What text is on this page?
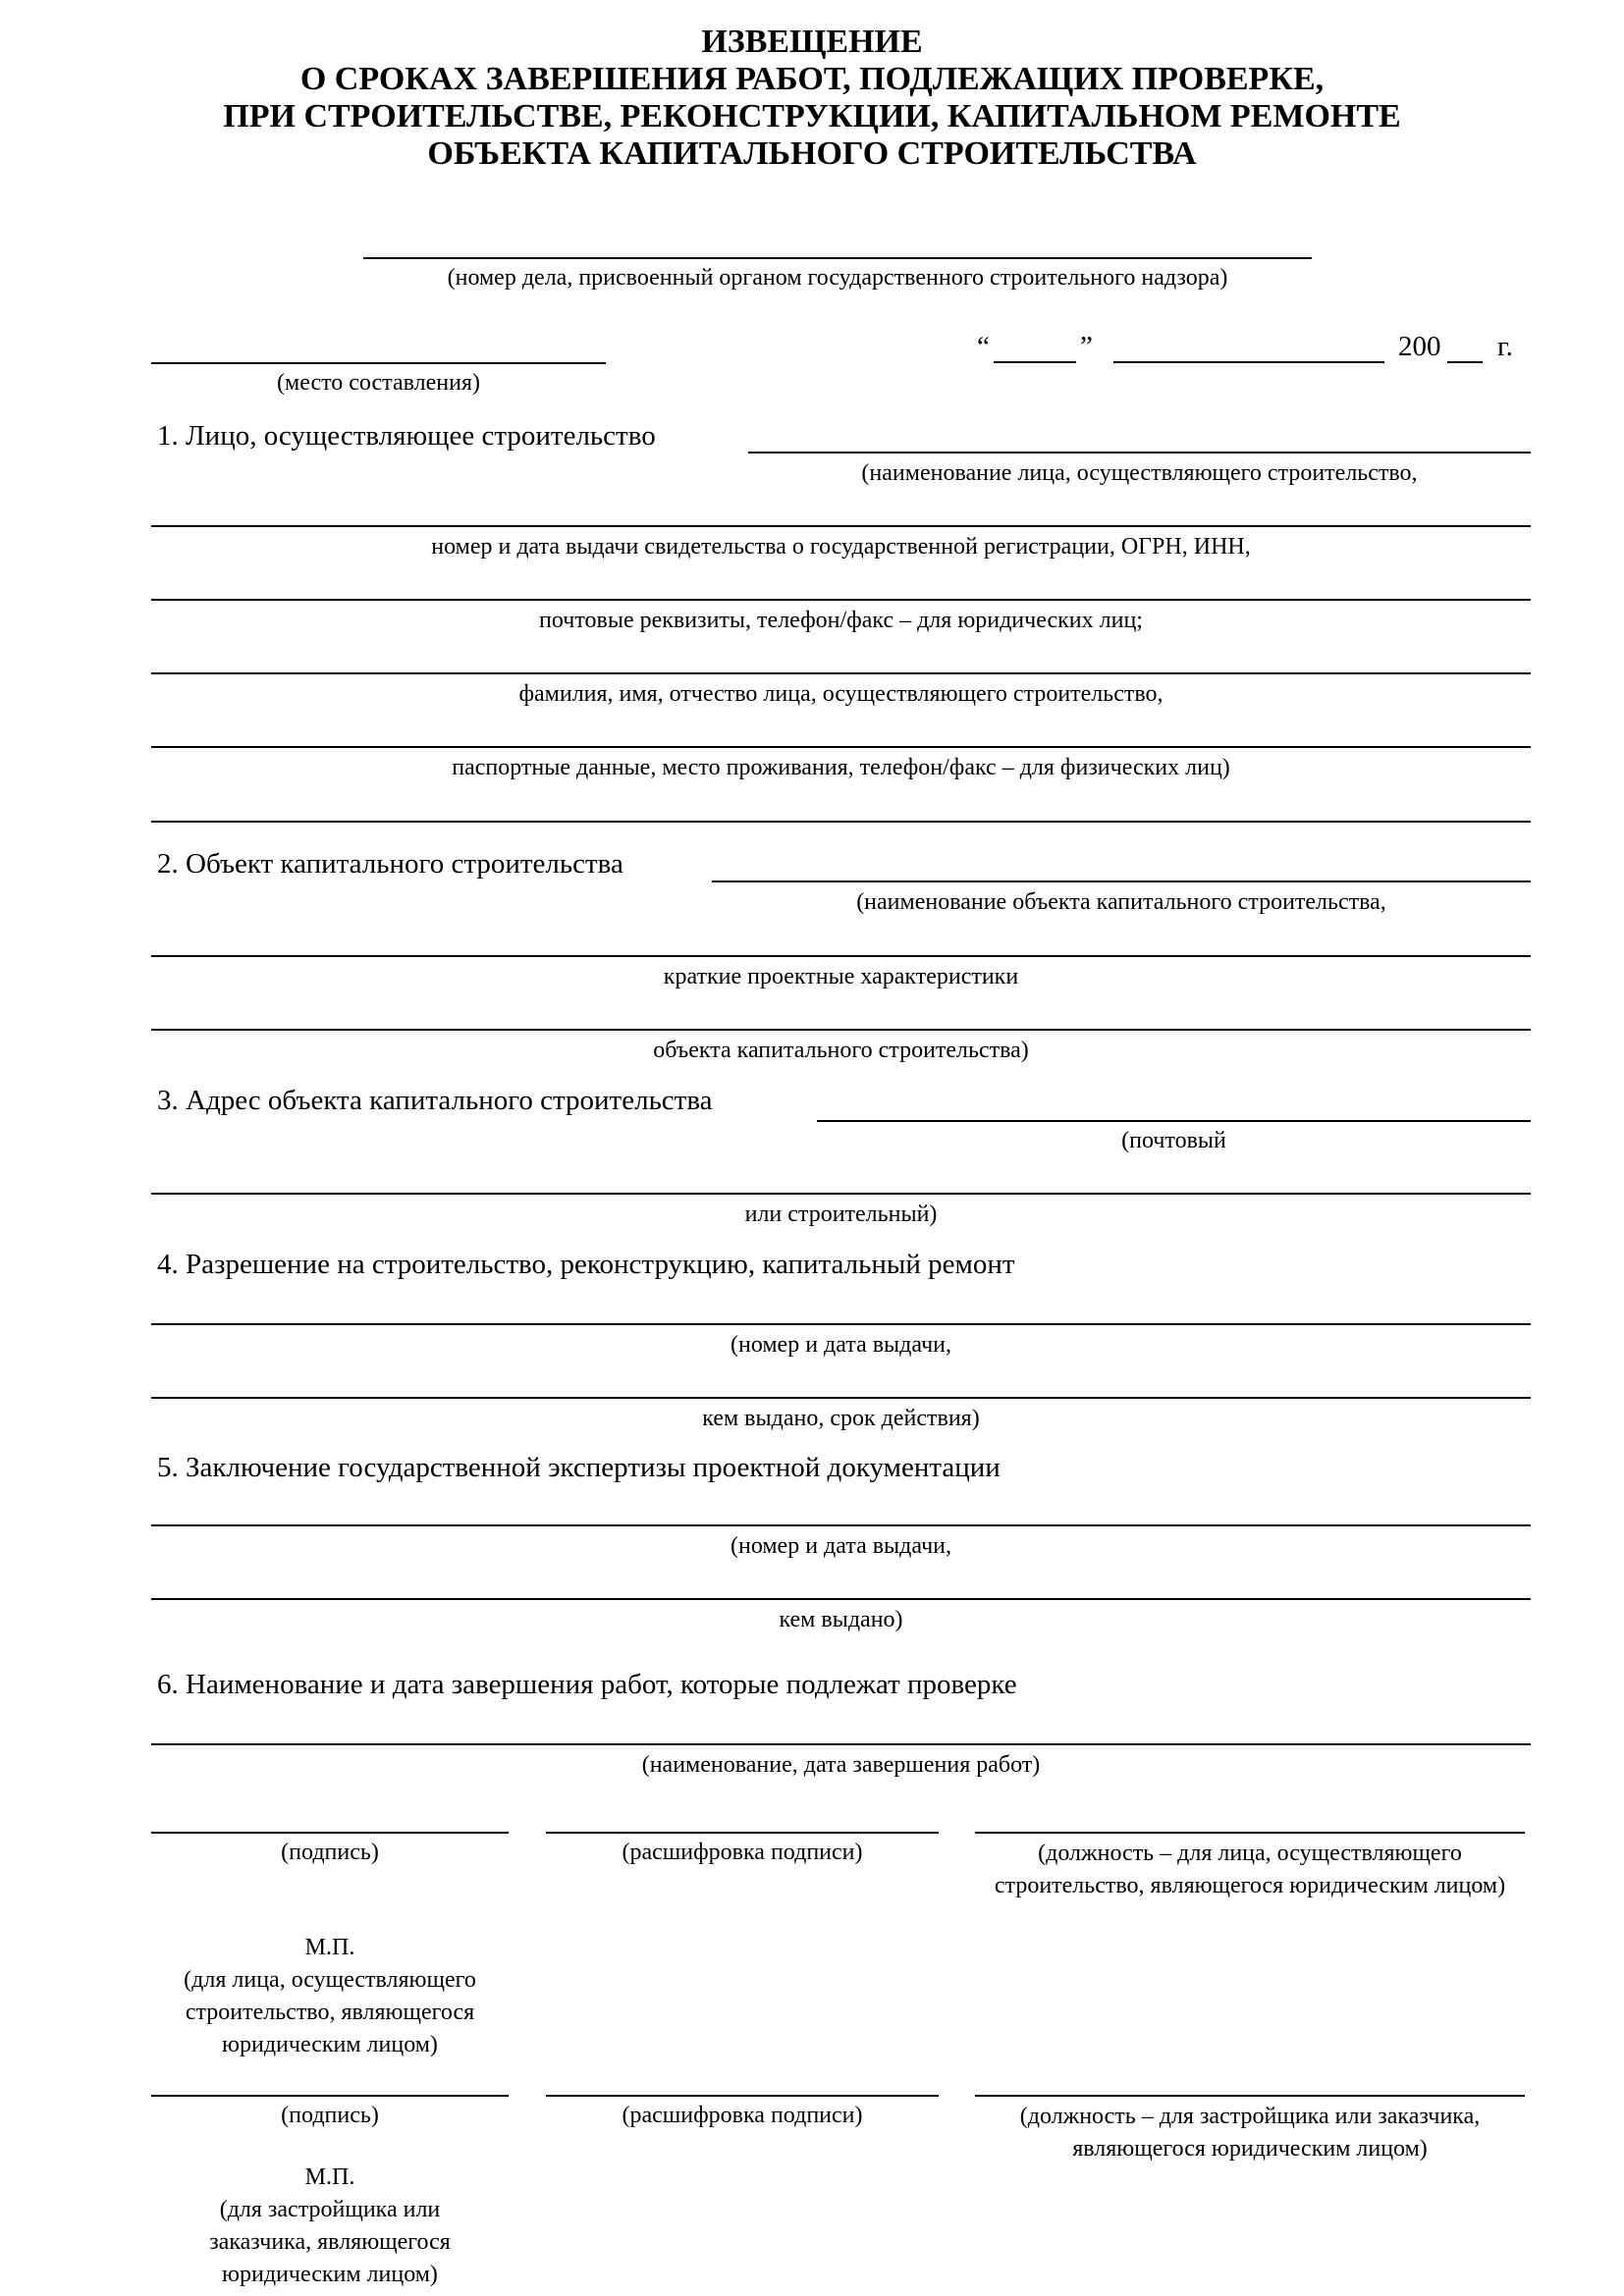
ИЗВЕЩЕНИЕ
О СРОКАХ ЗАВЕРШЕНИЯ РАБОТ, ПОДЛЕЖАЩИХ ПРОВЕРКЕ,
ПРИ СТРОИТЕЛЬСТВЕ, РЕКОНСТРУКЦИИ, КАПИТАЛЬНОМ РЕМОНТЕ
ОБЪЕКТА КАПИТАЛЬНОГО СТРОИТЕЛЬСТВА
(номер дела, присвоенный органом государственного строительного надзора)
(место составления)
“	”	200 г.
1. Лицо, осуществляющее строительство
(наименование лица, осуществляющего строительство,
номер и дата выдачи свидетельства о государственной регистрации, ОГРН, ИНН,
почтовые реквизиты, телефон/факс – для юридических лиц;
фамилия, имя, отчество лица, осуществляющего строительство,
паспортные данные, место проживания, телефон/факс – для физических лиц)
2. Объект капитального строительства
(наименование объекта капитального строительства,
краткие проектные характеристики
объекта капитального строительства)
3. Адрес объекта капитального строительства
(почтовый
или строительный)
4. Разрешение на строительство, реконструкцию, капитальный ремонт
(номер и дата выдачи,
кем выдано, срок действия)
5. Заключение государственной экспертизы проектной документации
(номер и дата выдачи,
кем выдано)
6. Наименование и дата завершения работ, которые подлежат проверке
(наименование, дата завершения работ)
(подпись)	(расшифровка подписи)	(должность – для лица, осуществляющего строительство, являющегося юридическим лицом)
М.П.
(для лица, осуществляющего строительство, являющегося юридическим лицом)
(подпись)	(расшифровка подписи)	(должность – для застройщика или заказчика, являющегося юридическим лицом)
М.П.
(для застройщика или заказчика, являющегося юридическим лицом)
